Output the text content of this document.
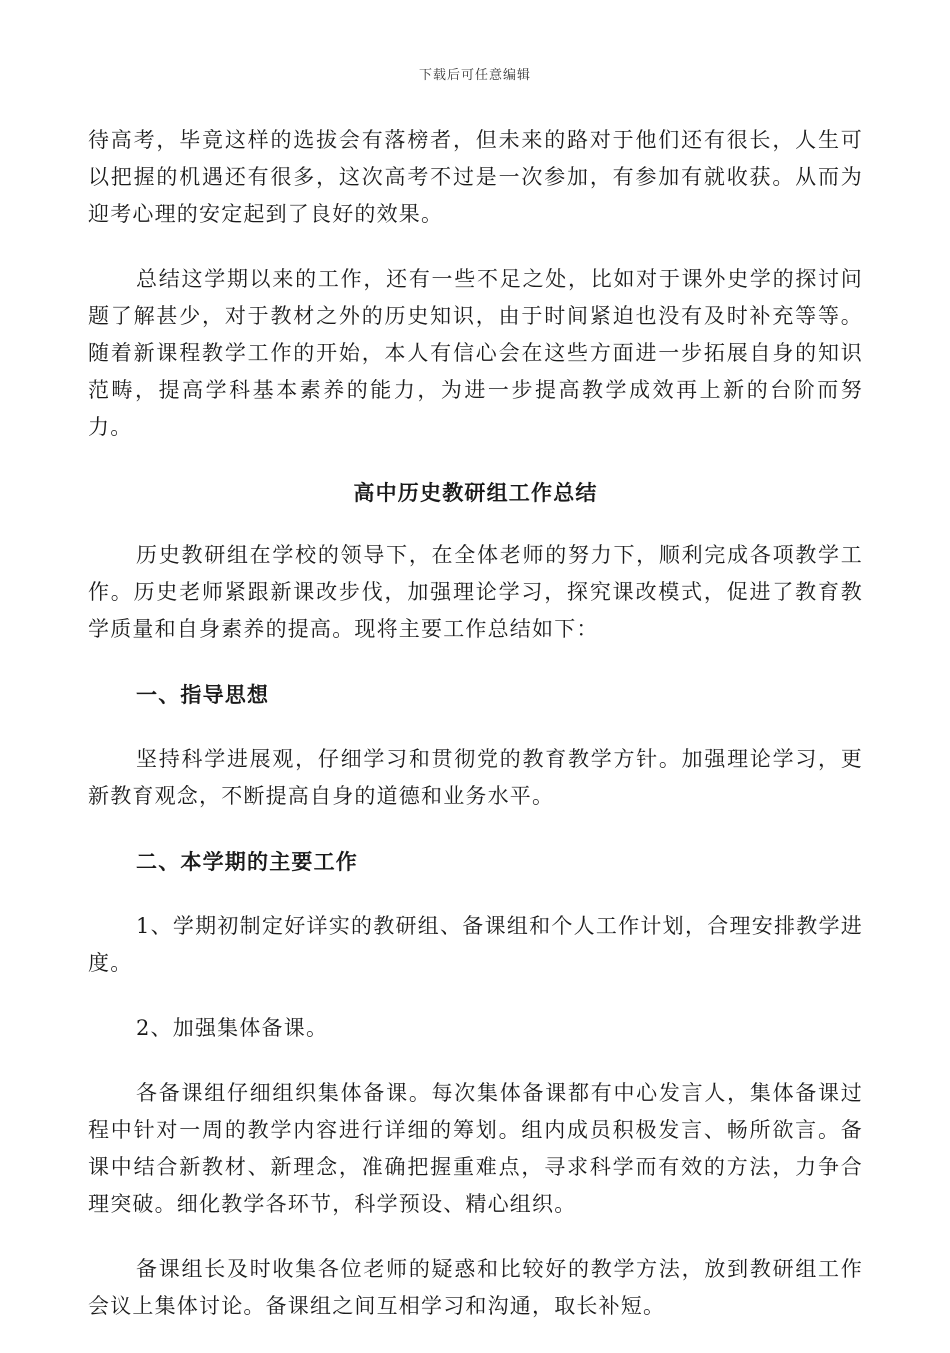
下载后可任意编辑

待高考，毕竟这样的选拔会有落榜者，但未来的路对于他们还有很长，人生可以把握的机遇还有很多，这次高考不过是一次参加，有参加有就收获。从而为迎考心理的安定起到了良好的效果。

总结这学期以来的工作，还有一些不足之处，比如对于课外史学的探讨问题了解甚少，对于教材之外的历史知识，由于时间紧迫也没有及时补充等等。随着新课程教学工作的开始，本人有信心会在这些方面进一步拓展自身的知识范畴，提高学科基本素养的能力，为进一步提高教学成效再上新的台阶而努力。

高中历史教研组工作总结

历史教研组在学校的领导下，在全体老师的努力下，顺利完成各项教学工作。历史老师紧跟新课改步伐，加强理论学习，探究课改模式，促进了教育教学质量和自身素养的提高。现将主要工作总结如下：

一、指导思想

坚持科学进展观，仔细学习和贯彻党的教育教学方针。加强理论学习，更新教育观念，不断提高自身的道德和业务水平。

二、本学期的主要工作

1、学期初制定好详实的教研组、备课组和个人工作计划，合理安排教学进度。

2、加强集体备课。

各备课组仔细组织集体备课。每次集体备课都有中心发言人，集体备课过程中针对一周的教学内容进行详细的筹划。组内成员积极发言、畅所欲言。备课中结合新教材、新理念，准确把握重难点，寻求科学而有效的方法，力争合理突破。细化教学各环节，科学预设、精心组织。

备课组长及时收集各位老师的疑惑和比较好的教学方法，放到教研组工作会议上集体讨论。备课组之间互相学习和沟通，取长补短。
